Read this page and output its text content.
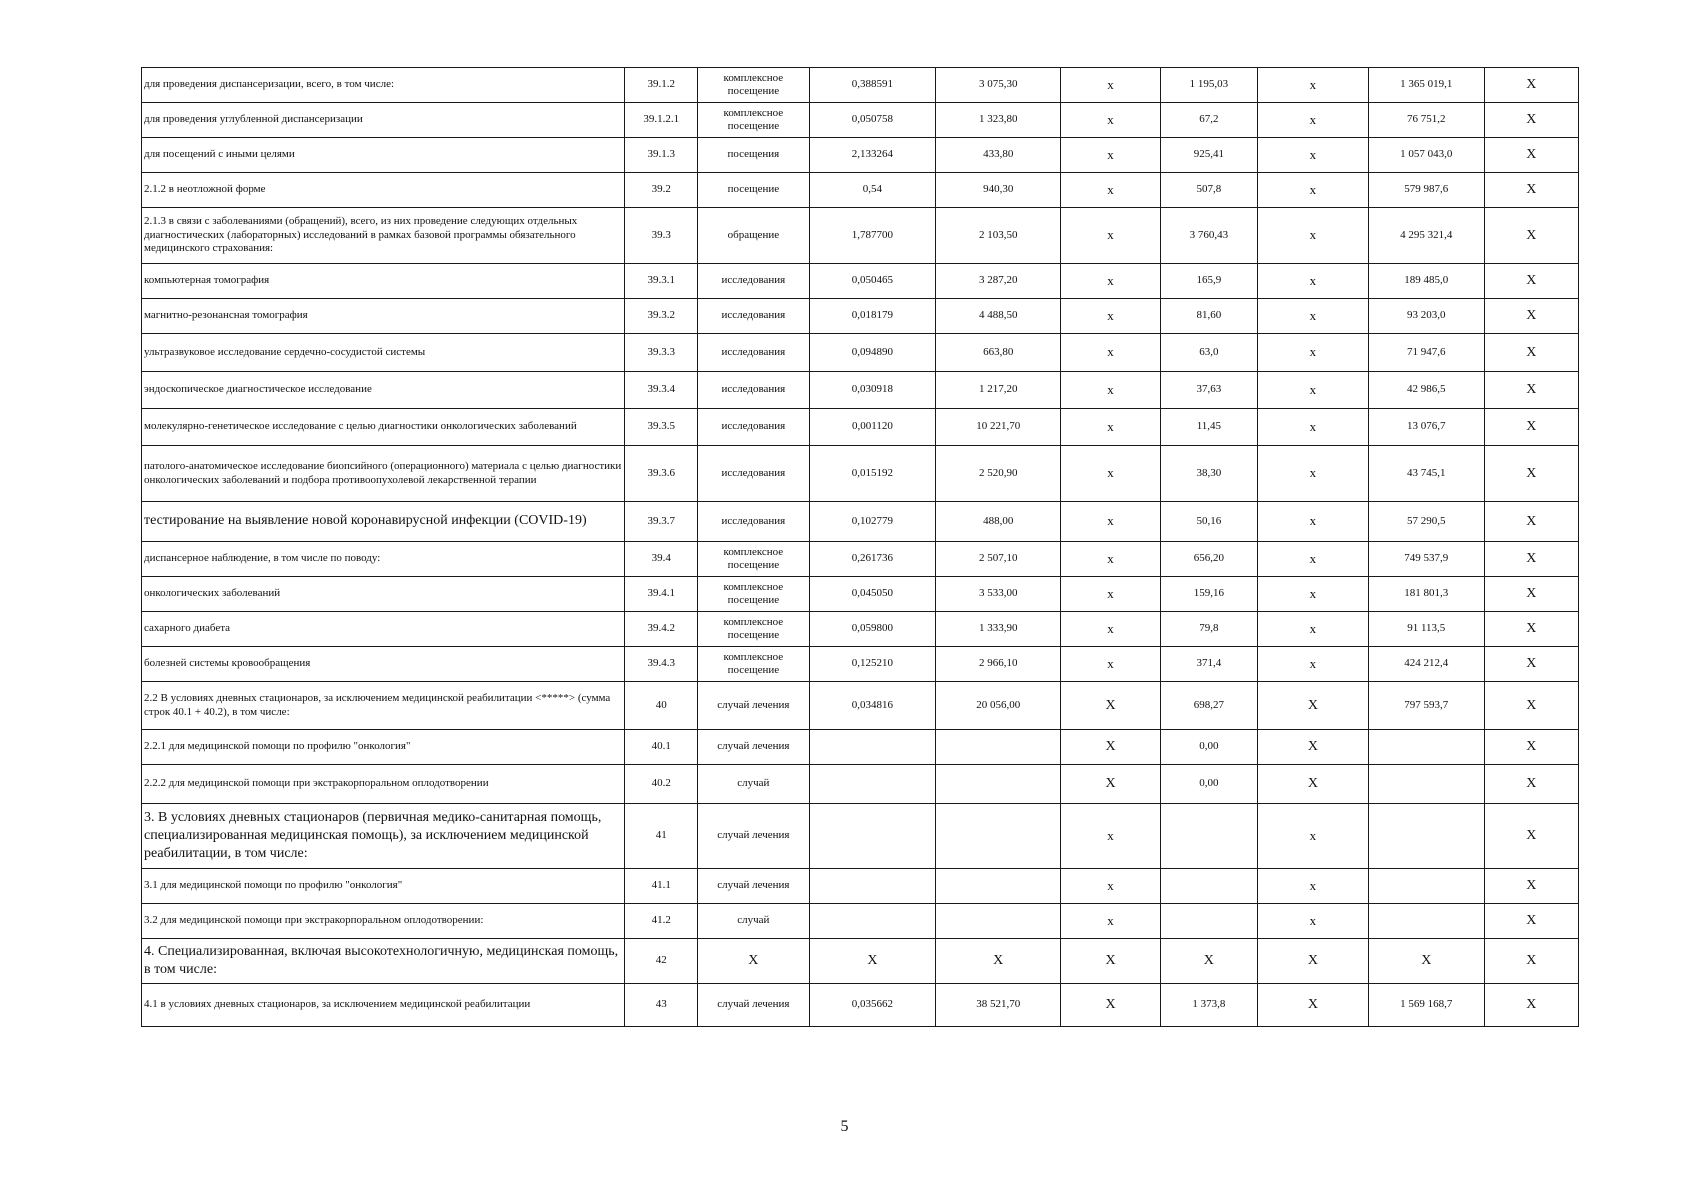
для проведения диспансеризации, всего, в том числе:	39.1.2	комплексное посещение	0,388591	3 075,30	х	1 195,03	х	1 365 019,1	Х
для проведения углубленной диспансеризации	39.1.2.1	комплексное посещение	0,050758	1 323,80	х	67,2	х	76 751,2	Х
для посещений с иными целями	39.1.3	посещения	2,133264	433,80	х	925,41	х	1 057 043,0	Х
2.1.2 в неотложной форме	39.2	посещение	0,54	940,30	х	507,8	х	579 987,6	Х
2.1.3 в связи с заболеваниями (обращений), всего, из них проведение следующих отдельных диагностических (лабораторных) исследований в рамках базовой программы обязательного медицинского страхования:	39.3	обращение	1,787700	2 103,50	х	3 760,43	х	4 295 321,4	Х
компьютерная томография	39.3.1	исследования	0,050465	3 287,20	х	165,9	х	189 485,0	Х
магнитно-резонансная томография	39.3.2	исследования	0,018179	4 488,50	х	81,60	х	93 203,0	Х
ультразвуковое исследование сердечно-сосудистой системы	39.3.3	исследования	0,094890	663,80	х	63,0	х	71 947,6	Х
эндоскопическое диагностическое исследование	39.3.4	исследования	0,030918	1 217,20	х	37,63	х	42 986,5	Х
молекулярно-генетическое исследование с целью диагностики онкологических заболеваний	39.3.5	исследования	0,001120	10 221,70	х	11,45	х	13 076,7	Х
патолого-анатомическое исследование биопсийного (операционного) материала с целью диагностики онкологических заболеваний и подбора противоопухолевой лекарственной терапии	39.3.6	исследования	0,015192	2 520,90	х	38,30	х	43 745,1	Х
тестирование на выявление новой коронавирусной инфекции (COVID-19)	39.3.7	исследования	0,102779	488,00	х	50,16	х	57 290,5	Х
диспансерное наблюдение, в том числе по поводу:	39.4	комплексное посещение	0,261736	2 507,10	х	656,20	х	749 537,9	Х
онкологических заболеваний	39.4.1	комплексное посещение	0,045050	3 533,00	х	159,16	х	181 801,3	Х
сахарного диабета	39.4.2	комплексное посещение	0,059800	1 333,90	х	79,8	х	91 113,5	Х
болезней системы кровообращения	39.4.3	комплексное посещение	0,125210	2 966,10	х	371,4	х	424 212,4	Х
2.2 В условиях дневных стационаров, за исключением медицинской реабилитации <*****> (сумма строк 40.1 + 40.2), в том числе:	40	случай лечения	0,034816	20 056,00	Х	698,27	Х	797 593,7	Х
2.2.1 для медицинской помощи по профилю "онкология"	40.1	случай лечения			Х	0,00	Х		Х
2.2.2 для медицинской помощи при экстракорпоральном оплодотворении	40.2	случай			Х	0,00	Х		Х
3. В условиях дневных стационаров (первичная медико-санитарная помощь, специализированная медицинская помощь), за исключением медицинской реабилитации, в том числе:	41	случай лечения			х		х		Х
3.1 для медицинской помощи по профилю "онкология"	41.1	случай лечения			х		х		Х
3.2 для медицинской помощи при экстракорпоральном оплодотворении:	41.2	случай			х		х		Х
4. Специализированная, включая высокотехнологичную, медицинская помощь, в том числе:	42	Х	Х	Х	Х	Х	Х	Х	Х
4.1 в условиях дневных стационаров, за исключением медицинской реабилитации	43	случай лечения	0,035662	38 521,70	Х	1 373,8	Х	1 569 168,7	Х
5
